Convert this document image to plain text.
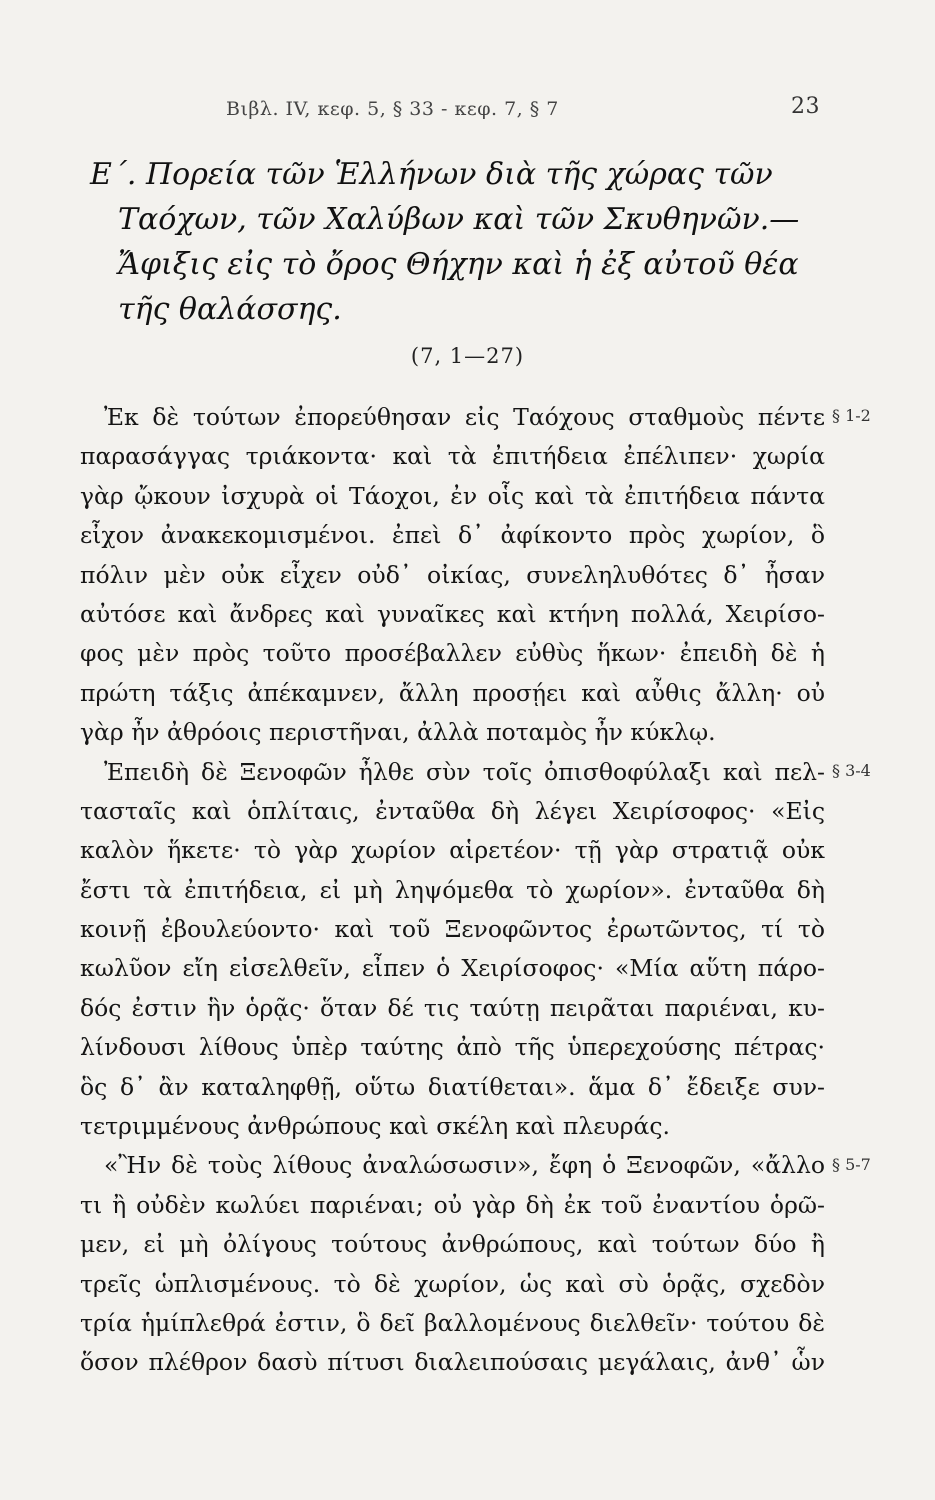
Βιβλ. IV, κεφ. 5, § 33 - κεφ. 7, § 7	23
Ε΄. Πορεία τῶν Ἑλλήνων διὰ τῆς χώρας τῶν
Ταόχων, τῶν Χαλύβων καὶ τῶν Σκυθηνῶν.—
Ἄφιξις εἰς τὸ ὄρος Θήχην καὶ ἡ ἐξ αὐτοῦ θέα
τῆς θαλάσσης.
(7, 1—27)
Ἐκ δὲ τούτων ἐπορεύθησαν εἰς Ταόχους σταθμοὺς πέντε
παρασάγγας τριάκοντα· καὶ τὰ ἐπιτήδεια ἐπέλιπεν· χωρία
γὰρ ᾤκουν ἰσχυρὰ οἱ Τάοχοι, ἐν οἷς καὶ τὰ ἐπιτήδεια πάντα
εἶχον ἀνακεκομισμένοι. ἐπεὶ δ᾽ ἀφίκοντο πρὸς χωρίον, ὃ
πόλιν μὲν οὐκ εἶχεν οὐδ᾽ οἰκίας, συνεληλυθότες δ᾽ ἦσαν
αὐτόσε καὶ ἄνδρες καὶ γυναῖκες καὶ κτήνη πολλά, Χειρίσο-
φος μὲν πρὸς τοῦτο προσέβαλλεν εὐθὺς ἥκων· ἐπειδὴ δὲ ἡ
πρώτη τάξις ἀπέκαμνεν, ἄλλη προσῄει καὶ αὖθις ἄλλη· οὐ
γὰρ ἦν ἀθρόοις περιστῆναι, ἀλλὰ ποταμὸς ἦν κύκλῳ.
Ἐπειδὴ δὲ Ξενοφῶν ἦλθε σὺν τοῖς ὀπισθοφύλαξι καὶ πελ-
τασταῖς καὶ ὁπλίταις, ἐνταῦθα δὴ λέγει Χειρίσοφος· «Εἰς
καλὸν ἥκετε· τὸ γὰρ χωρίον αἱρετέον· τῇ γὰρ στρατιᾷ οὐκ
ἔστι τὰ ἐπιτήδεια, εἰ μὴ ληψόμεθα τὸ χωρίον». ἐνταῦθα δὴ
κοινῇ ἐβουλεύοντο· καὶ τοῦ Ξενοφῶντος ἐρωτῶντος, τί τὸ
κωλῦον εἴη εἰσελθεῖν, εἶπεν ὁ Χειρίσοφος· «Μία αὕτη πάρο-
δός ἐστιν ἣν ὁρᾷς· ὅταν δέ τις ταύτῃ πειρᾶται παριέναι, κυ-
λίνδουσι λίθους ὑπὲρ ταύτης ἀπὸ τῆς ὑπερεχούσης πέτρας·
ὃς δ᾽ ἂν καταληφθῇ, οὕτω διατίθεται». ἅμα δ᾽ ἔδειξε συν-
τετριμμένους ἀνθρώπους καὶ σκέλη καὶ πλευράς.
«Ἢν δὲ τοὺς λίθους ἀναλώσωσιν», ἔφη ὁ Ξενοφῶν, «ἄλλο
τι ἢ οὐδὲν κωλύει παριέναι; οὐ γὰρ δὴ ἐκ τοῦ ἐναντίου ὁρῶ-
μεν, εἰ μὴ ὀλίγους τούτους ἀνθρώπους, καὶ τούτων δύο ἢ
τρεῖς ὡπλισμένους. τὸ δὲ χωρίον, ὡς καὶ σὺ ὁρᾷς, σχεδὸν
τρία ἡμίπλεθρά ἐστιν, ὃ δεῖ βαλλομένους διελθεῖν· τούτου δὲ
ὅσον πλέθρον δασὺ πίτυσι διαλειπούσαις μεγάλαις, ἀνθ᾽ ὧν
§ 1-2
§ 3-4
§ 5-7
